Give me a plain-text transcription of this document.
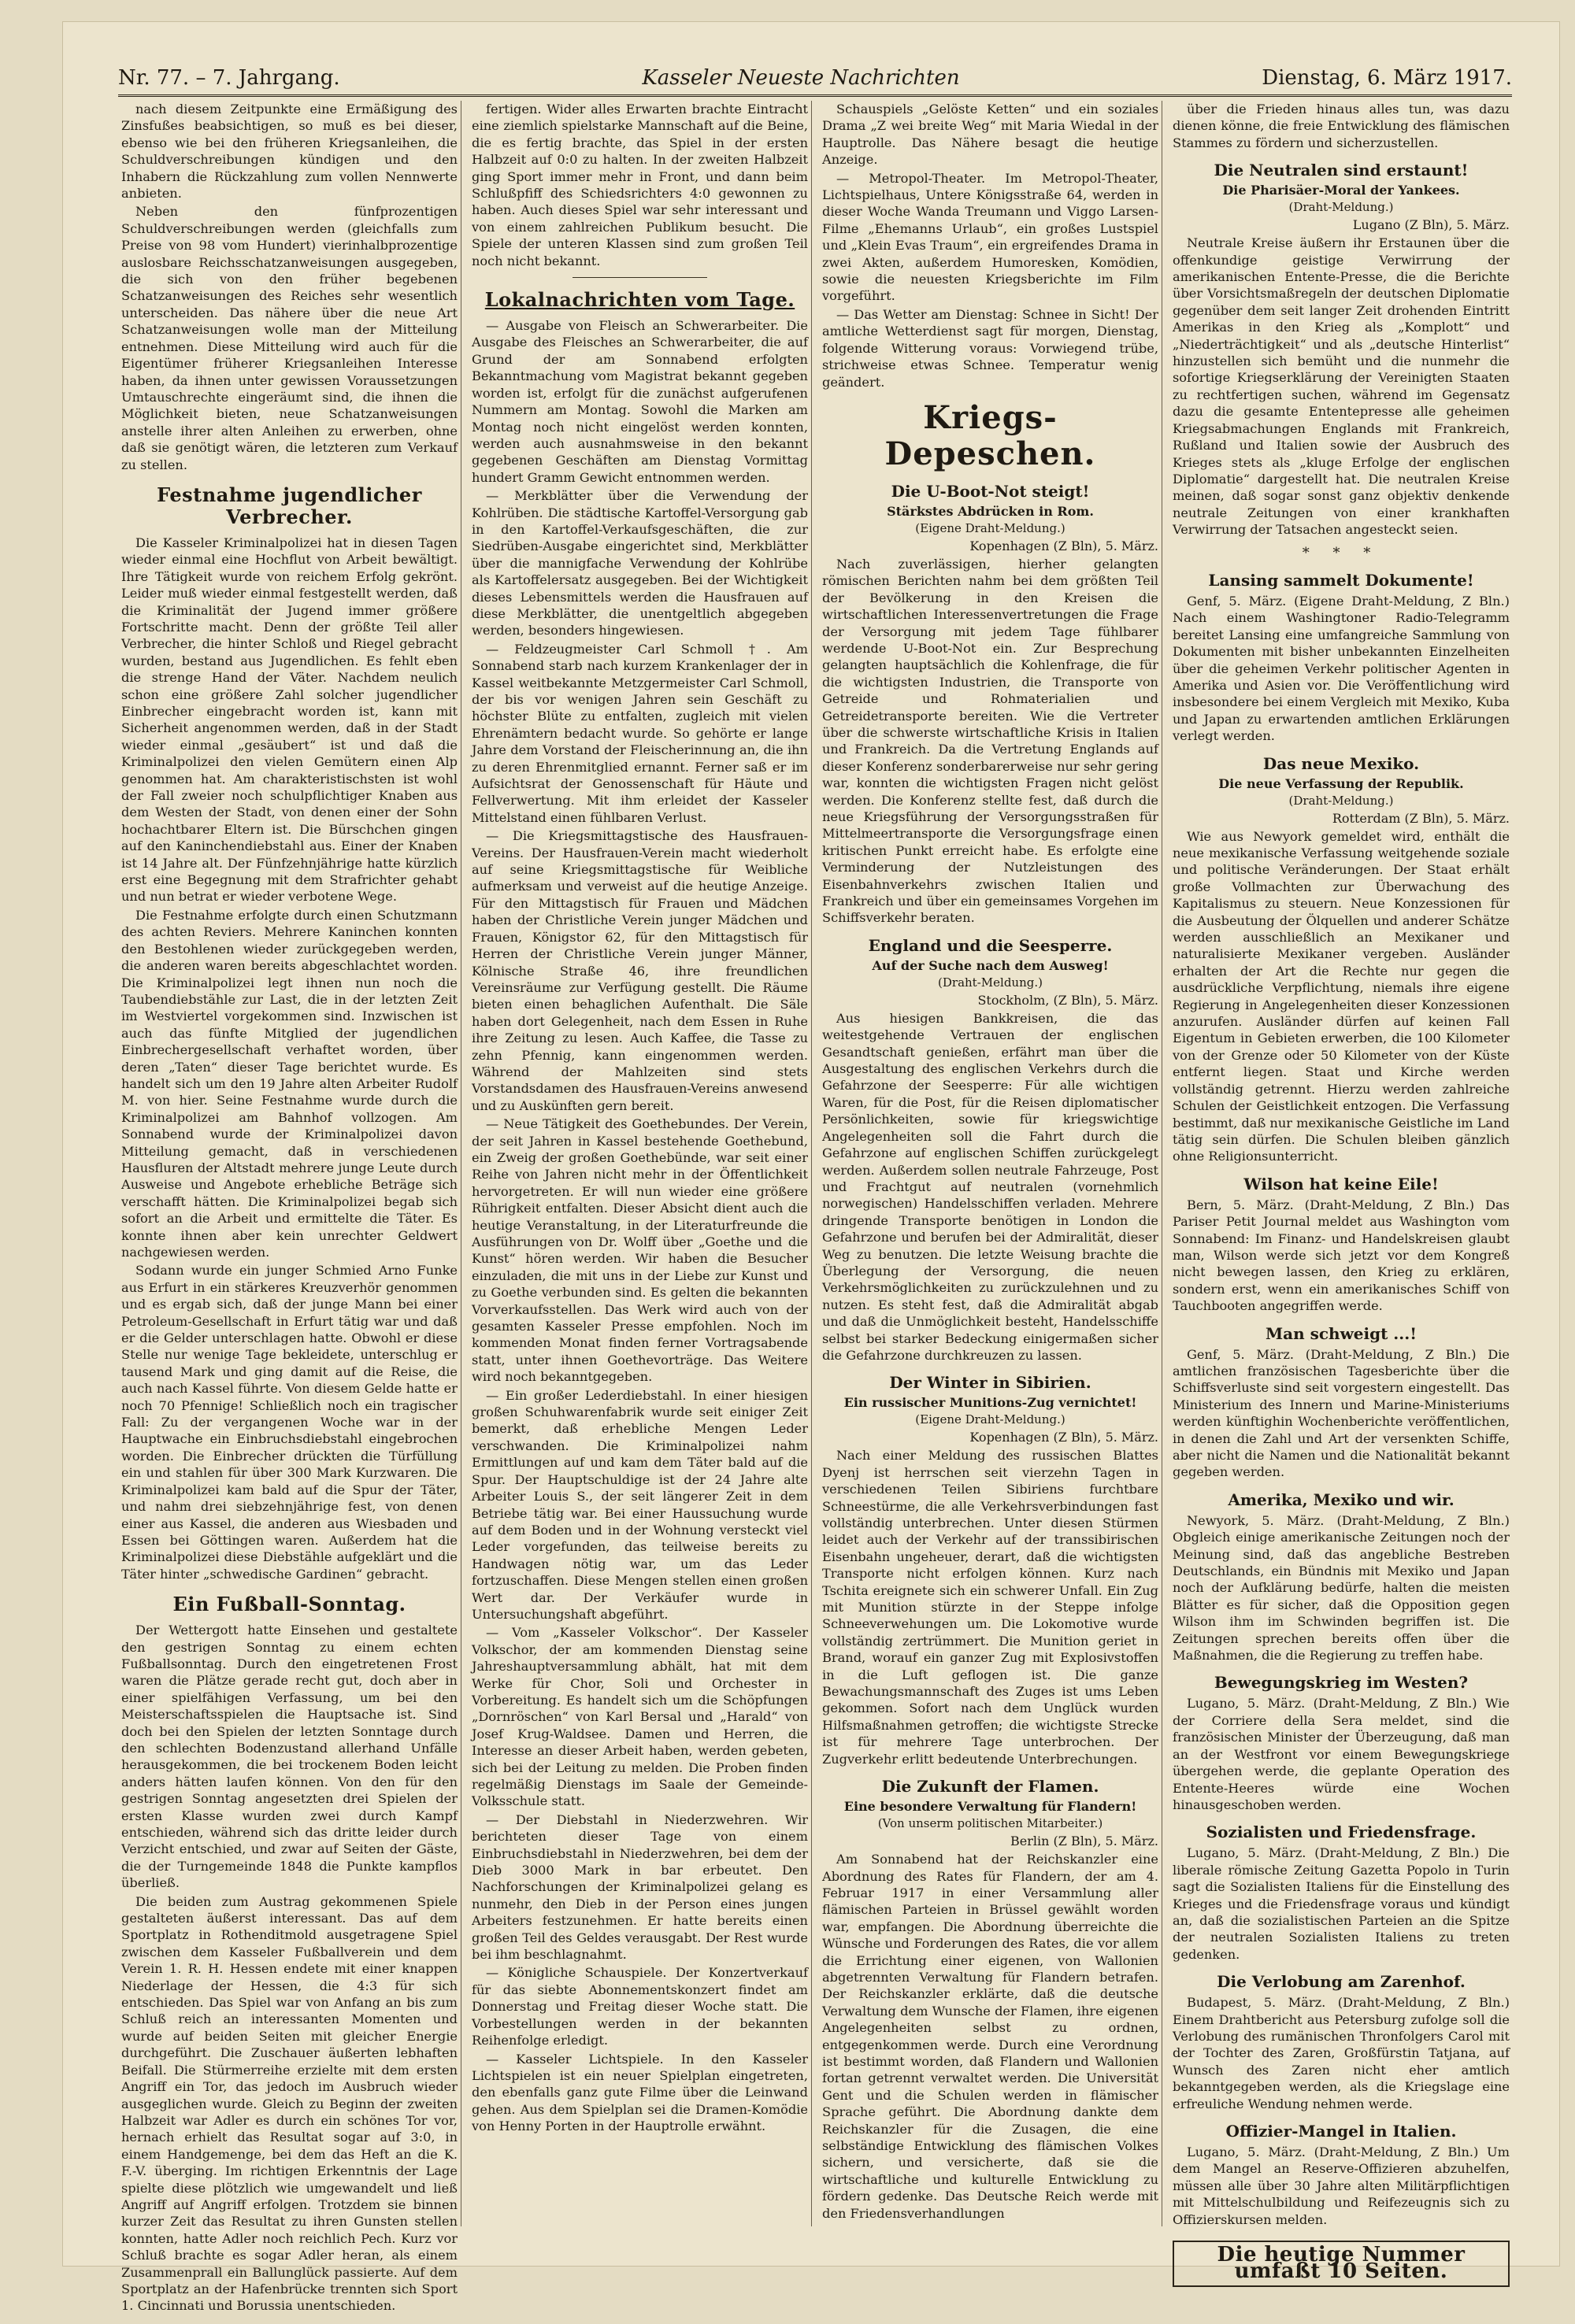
Nr. 77. – 7. Jahrgang.	Kasseler Neueste Nachrichten	Dienstag, 6. März 1917.

nach diesem Zeitpunkte eine Ermäßigung des Zinsfußes beabsichtigen, so muß es bei dieser, ebenso wie bei den früheren Kriegsanleihen, die Schuldverschreibungen kündigen und den Inhabern die Rückzahlung zum vollen Nennwerte anbieten.

Neben den fünfprozentigen Schuldverschreibungen werden (gleichfalls zum Preise von 98 vom Hundert) vierinhalbprozentige auslosbare Reichsschatzanweisungen ausgegeben, die sich von den früher begebenen Schatzanweisungen des Reiches sehr wesentlich unterscheiden. Das nähere über die neue Art Schatzanweisungen wolle man der Mitteilung entnehmen. Diese Mitteilung wird auch für die Eigentümer früherer Kriegsanleihen Interesse haben, da ihnen unter gewissen Voraussetzungen Umtauschrechte eingeräumt sind, die ihnen die Möglichkeit bieten, neue Schatzanweisungen anstelle ihrer alten Anleihen zu erwerben, ohne daß sie genötigt wären, die letzteren zum Verkauf zu stellen.

Festnahme jugendlicher Verbrecher.

Die Kasseler Kriminalpolizei hat in diesen Tagen wieder einmal eine Hochflut von Arbeit bewältigt. Ihre Tätigkeit wurde von reichem Erfolg gekrönt. Leider muß wieder einmal festgestellt werden, daß die Kriminalität der Jugend immer größere Fortschritte macht. Denn der größte Teil aller Verbrecher, die hinter Schloß und Riegel gebracht wurden, bestand aus Jugendlichen. Es fehlt eben die strenge Hand der Väter. Nachdem neulich schon eine größere Zahl solcher jugendlicher Einbrecher eingebracht worden ist, kann mit Sicherheit angenommen werden, daß in der Stadt wieder einmal „gesäubert“ ist und daß die Kriminalpolizei den vielen Gemütern einen Alp genommen hat. Am charakteristischsten ist wohl der Fall zweier noch schulpflichtiger Knaben aus dem Westen der Stadt, von denen einer der Sohn hochachtbarer Eltern ist. Die Bürschchen gingen auf den Kaninchendiebstahl aus. Einer der Knaben ist 14 Jahre alt. Der Fünfzehnjährige hatte kürzlich erst eine Begegnung mit dem Strafrichter gehabt und nun betrat er wieder verbotene Wege.

Die Festnahme erfolgte durch einen Schutzmann des achten Reviers. Mehrere Kaninchen konnten den Bestohlenen wieder zurückgegeben werden, die anderen waren bereits abgeschlachtet worden. Die Kriminalpolizei legt ihnen nun noch die Taubendiebstähle zur Last, die in der letzten Zeit im Westviertel vorgekommen sind. Inzwischen ist auch das fünfte Mitglied der jugendlichen Einbrechergesellschaft verhaftet worden, über deren „Taten“ dieser Tage berichtet wurde. Es handelt sich um den 19 Jahre alten Arbeiter Rudolf M. von hier. Seine Festnahme wurde durch die Kriminalpolizei am Bahnhof vollzogen. Am Sonnabend wurde der Kriminalpolizei davon Mitteilung gemacht, daß in verschiedenen Hausfluren der Altstadt mehrere junge Leute durch Ausweise und Angebote erhebliche Beträge sich verschafft hätten. Die Kriminalpolizei begab sich sofort an die Arbeit und ermittelte die Täter. Es konnte ihnen aber kein unrechter Geldwert nachgewiesen werden.

Sodann wurde ein junger Schmied Arno Funke aus Erfurt in ein stärkeres Kreuzverhör genommen und es ergab sich, daß der junge Mann bei einer Petroleum-Gesellschaft in Erfurt tätig war und daß er die Gelder unterschlagen hatte. Obwohl er diese Stelle nur wenige Tage bekleidete, unterschlug er tausend Mark und ging damit auf die Reise, die auch nach Kassel führte. Von diesem Gelde hatte er noch 70 Pfennige! Schließlich noch ein tragischer Fall: Zu der vergangenen Woche war in der Hauptwache ein Einbruchsdiebstahl eingebrochen worden. Die Einbrecher drückten die Türfüllung ein und stahlen für über 300 Mark Kurzwaren. Die Kriminalpolizei kam bald auf die Spur der Täter, und nahm drei siebzehnjährige fest, von denen einer aus Kassel, die anderen aus Wiesbaden und Essen bei Göttingen waren. Außerdem hat die Kriminalpolizei diese Diebstähle aufgeklärt und die Täter hinter „schwedische Gardinen“ gebracht.

Ein Fußball-Sonntag.

Der Wettergott hatte Einsehen und gestaltete den gestrigen Sonntag zu einem echten Fußballsonntag. Durch den eingetretenen Frost waren die Plätze gerade recht gut, doch aber in einer spielfähigen Verfassung, um bei den Meisterschaftsspielen die Hauptsache ist. Sind doch bei den Spielen der letzten Sonntage durch den schlechten Bodenzustand allerhand Unfälle herausgekommen, die bei trockenem Boden leicht anders hätten laufen können. Von den für den gestrigen Sonntag angesetzten drei Spielen der ersten Klasse wurden zwei durch Kampf entschieden, während sich das dritte leider durch Verzicht entschied, und zwar auf Seiten der Gäste, die der Turngemeinde 1848 die Punkte kampflos überließ.

Die beiden zum Austrag gekommenen Spiele gestalteten äußerst interessant. Das auf dem Sportplatz in Rothenditmold ausgetragene Spiel zwischen dem Kasseler Fußballverein und dem Verein 1. R. H. Hessen endete mit einer knappen Niederlage der Hessen, die 4:3 für sich entschieden. Das Spiel war von Anfang an bis zum Schluß reich an interessanten Momenten und wurde auf beiden Seiten mit gleicher Energie durchgeführt. Die Zuschauer äußerten lebhaften Beifall. Die Stürmerreihe erzielte mit dem ersten Angriff ein Tor, das jedoch im Ausbruch wieder ausgeglichen wurde. Gleich zu Beginn der zweiten Halbzeit war Adler es durch ein schönes Tor vor, hernach erhielt das Resultat sogar auf 3:0, in einem Handgemenge, bei dem das Heft an die K. F.-V. überging. Im richtigen Erkenntnis der Lage spielte diese plötzlich wie umgewandelt und ließ Angriff auf Angriff erfolgen. Trotzdem sie binnen kurzer Zeit das Resultat zu ihren Gunsten stellen konnten, hatte Adler noch reichlich Pech. Kurz vor Schluß brachte es sogar Adler heran, als einem Zusammenprall ein Ballunglück passierte. Auf dem Sportplatz an der Hafenbrücke trennten sich Sport 1. Cincinnati und Borussia unentschieden.

fertigen. Wider alles Erwarten brachte Eintracht eine ziemlich spielstarke Mannschaft auf die Beine, die es fertig brachte, das Spiel in der ersten Halbzeit auf 0:0 zu halten. In der zweiten Halbzeit ging Sport immer mehr in Front, und dann beim Schlußpfiff des Schiedsrichters 4:0 gewonnen zu haben. Auch dieses Spiel war sehr interessant und von einem zahlreichen Publikum besucht. Die Spiele der unteren Klassen sind zum großen Teil noch nicht bekannt.

Lokalnachrichten vom Tage.

— Ausgabe von Fleisch an Schwerarbeiter. Die Ausgabe des Fleisches an Schwerarbeiter, die auf Grund der am Sonnabend erfolgten Bekanntmachung vom Magistrat bekannt gegeben worden ist, erfolgt für die zunächst aufgerufenen Nummern am Montag. Sowohl die Marken am Montag noch nicht eingelöst werden konnten, werden auch ausnahmsweise in den bekannt gegebenen Geschäften am Dienstag Vormittag hundert Gramm Gewicht entnommen werden.

— Merkblätter über die Verwendung der Kohlrüben. Die städtische Kartoffel-Versorgung gab in den Kartoffel-Verkaufsgeschäften, die zur Siedrüben-Ausgabe eingerichtet sind, Merkblätter über die mannigfache Verwendung der Kohlrübe als Kartoffelersatz ausgegeben. Bei der Wichtigkeit dieses Lebensmittels werden die Hausfrauen auf diese Merkblätter, die unentgeltlich abgegeben werden, besonders hingewiesen.

— Feldzeugmeister Carl Schmoll †. Am Sonnabend starb nach kurzem Krankenlager der in Kassel weitbekannte Metzgermeister Carl Schmoll, der bis vor wenigen Jahren sein Geschäft zu höchster Blüte zu entfalten, zugleich mit vielen Ehrenämtern bedacht wurde. So gehörte er lange Jahre dem Vorstand der Fleischerinnung an, die ihn zu deren Ehrenmitglied ernannt. Ferner saß er im Aufsichtsrat der Genossenschaft für Häute und Fellverwertung. Mit ihm erleidet der Kasseler Mittelstand einen fühlbaren Verlust.

— Die Kriegsmittagstische des Hausfrauen-Vereins. Der Hausfrauen-Verein macht wiederholt auf seine Kriegsmittagstische für Weibliche aufmerksam und verweist auf die heutige Anzeige. Für den Mittagstisch für Frauen und Mädchen haben der Christliche Verein junger Mädchen und Frauen, Königstor 62, für den Mittagstisch für Herren der Christliche Verein junger Männer, Kölnische Straße 46, ihre freundlichen Vereinsräume zur Verfügung gestellt. Die Räume bieten einen behaglichen Aufenthalt. Die Säle haben dort Gelegenheit, nach dem Essen in Ruhe ihre Zeitung zu lesen. Auch Kaffee, die Tasse zu zehn Pfennig, kann eingenommen werden. Während der Mahlzeiten sind stets Vorstandsdamen des Hausfrauen-Vereins anwesend und zu Auskünften gern bereit.

— Neue Tätigkeit des Goethebundes. Der Verein, der seit Jahren in Kassel bestehende Goethebund, ein Zweig der großen Goethebünde, war seit einer Reihe von Jahren nicht mehr in der Öffentlichkeit hervorgetreten. Er will nun wieder eine größere Rührigkeit entfalten. Dieser Absicht dient auch die heutige Veranstaltung, in der Literaturfreunde die Ausführungen von Dr. Wolff über „Goethe und die Kunst“ hören werden. Wir haben die Besucher einzuladen, die mit uns in der Liebe zur Kunst und zu Goethe verbunden sind. Es gelten die bekannten Vorverkaufsstellen. Das Werk wird auch von der gesamten Kasseler Presse empfohlen. Noch im kommenden Monat finden ferner Vortragsabende statt, unter ihnen Goethevorträge. Das Weitere wird noch bekanntgegeben.

— Ein großer Lederdiebstahl. In einer hiesigen großen Schuhwarenfabrik wurde seit einiger Zeit bemerkt, daß erhebliche Mengen Leder verschwanden. Die Kriminalpolizei nahm Ermittlungen auf und kam dem Täter bald auf die Spur. Der Hauptschuldige ist der 24 Jahre alte Arbeiter Louis S., der seit längerer Zeit in dem Betriebe tätig war. Bei einer Haussuchung wurde auf dem Boden und in der Wohnung versteckt viel Leder vorgefunden, das teilweise bereits zu Handwagen nötig war, um das Leder fortzuschaffen. Diese Mengen stellen einen großen Wert dar. Der Verkäufer wurde in Untersuchungshaft abgeführt.

— Vom „Kasseler Volkschor“. Der Kasseler Volkschor, der am kommenden Dienstag seine Jahreshauptversammlung abhält, hat mit dem Werke für Chor, Soli und Orchester in Vorbereitung. Es handelt sich um die Schöpfungen „Dornröschen“ von Karl Bersal und „Harald“ von Josef Krug-Waldsee. Damen und Herren, die Interesse an dieser Arbeit haben, werden gebeten, sich bei der Leitung zu melden. Die Proben finden regelmäßig Dienstags im Saale der Gemeinde-Volksschule statt.

— Der Diebstahl in Niederzwehren. Wir berichteten dieser Tage von einem Einbruchsdiebstahl in Niederzwehren, bei dem der Dieb 3000 Mark in bar erbeutet. Den Nachforschungen der Kriminalpolizei gelang es nunmehr, den Dieb in der Person eines jungen Arbeiters festzunehmen. Er hatte bereits einen großen Teil des Geldes verausgabt. Der Rest wurde bei ihm beschlagnahmt.

— Königliche Schauspiele. Der Konzertverkauf für das siebte Abonnementskonzert findet am Donnerstag und Freitag dieser Woche statt. Die Vorbestellungen werden in der bekannten Reihenfolge erledigt.

— Kasseler Lichtspiele. In den Kasseler Lichtspielen ist ein neuer Spielplan eingetreten, den ebenfalls ganz gute Filme über die Leinwand gehen. Aus dem Spielplan sei die Dramen-Komödie von Henny Porten in der Hauptrolle erwähnt.

Schauspiels „Gelöste Ketten“ und ein soziales Drama „Z wei breite Weg“ mit Maria Wiedal in der Hauptrolle. Das Nähere besagt die heutige Anzeige.

— Metropol-Theater. Im Metropol-Theater, Lichtspielhaus, Untere Königsstraße 64, werden in dieser Woche Wanda Treumann und Viggo Larsen-Filme „Ehemanns Urlaub“, ein großes Lustspiel und „Klein Evas Traum“, ein ergreifendes Drama in zwei Akten, außerdem Humoresken, Komödien, sowie die neuesten Kriegsberichte im Film vorgeführt.

— Das Wetter am Dienstag: Schnee in Sicht! Der amtliche Wetterdienst sagt für morgen, Dienstag, folgende Witterung voraus: Vorwiegend trübe, strichweise etwas Schnee. Temperatur wenig geändert.

Kriegs-Depeschen.
Die U-Boot-Not steigt!
Stärkstes Abdrücken in Rom.
(Eigene Draht-Meldung.)
Kopenhagen (Z Bln), 5. März.

Nach zuverlässigen, hierher gelangten römischen Berichten nahm bei dem größten Teil der Bevölkerung in den Kreisen die wirtschaftlichen Interessenvertretungen die Frage der Versorgung mit jedem Tage fühlbarer werdende U-Boot-Not ein. Zur Besprechung gelangten hauptsächlich die Kohlenfrage, die für die wichtigsten Industrien, die Transporte von Getreide und Rohmaterialien und Getreidetransporte bereiten. Wie die Vertreter über die schwerste wirtschaftliche Krisis in Italien und Frankreich. Da die Vertretung Englands auf dieser Konferenz sonderbarerweise nur sehr gering war, konnten die wichtigsten Fragen nicht gelöst werden. Die Konferenz stellte fest, daß durch die neue Kriegsführung der Versorgungsstraßen für Mittelmeertransporte die Versorgungsfrage einen kritischen Punkt erreicht habe. Es erfolgte eine Verminderung der Nutzleistungen des Eisenbahnverkehrs zwischen Italien und Frankreich und über ein gemeinsames Vorgehen im Schiffsverkehr beraten.

England und die Seesperre.
Auf der Suche nach dem Ausweg!
(Draht-Meldung.)
Stockholm, (Z Bln), 5. März.

Aus hiesigen Bankkreisen, die das weitestgehende Vertrauen der englischen Gesandtschaft genießen, erfährt man über die Ausgestaltung des englischen Verkehrs durch die Gefahrzone der Seesperre: Für alle wichtigen Waren, für die Post, für die Reisen diplomatischer Persönlichkeiten, sowie für kriegswichtige Angelegenheiten soll die Fahrt durch die Gefahrzone auf englischen Schiffen zurückgelegt werden. Außerdem sollen neutrale Fahrzeuge, Post und Frachtgut auf neutralen (vornehmlich norwegischen) Handelsschiffen verladen. Mehrere dringende Transporte benötigen in London die Gefahrzone und berufen bei der Admiralität, dieser Weg zu benutzen. Die letzte Weisung brachte die Überlegung der Versorgung, die neuen Verkehrsmöglichkeiten zu zurückzulehnen und zu nutzen. Es steht fest, daß die Admiralität abgab und daß die Unmöglichkeit besteht, Handelsschiffe selbst bei starker Bedeckung einigermaßen sicher die Gefahrzone durchkreuzen zu lassen.

Der Winter in Sibirien.
Ein russischer Munitions-Zug vernichtet!
(Eigene Draht-Meldung.)
Kopenhagen (Z Bln), 5. März.

Nach einer Meldung des russischen Blattes Dyenj ist herrschen seit vierzehn Tagen in verschiedenen Teilen Sibiriens furchtbare Schneestürme, die alle Verkehrsverbindungen fast vollständig unterbrechen. Unter diesen Stürmen leidet auch der Verkehr auf der transsibirischen Eisenbahn ungeheuer, derart, daß die wichtigsten Transporte nicht erfolgen können. Kurz nach Tschita ereignete sich ein schwerer Unfall. Ein Zug mit Munition stürzte in der Steppe infolge Schneeverwehungen um. Die Lokomotive wurde vollständig zertrümmert. Die Munition geriet in Brand, worauf ein ganzer Zug mit Explosivstoffen in die Luft geflogen ist. Die ganze Bewachungsmannschaft des Zuges ist ums Leben gekommen. Sofort nach dem Unglück wurden Hilfsmaßnahmen getroffen; die wichtigste Strecke ist für mehrere Tage unterbrochen. Der Zugverkehr erlitt bedeutende Unterbrechungen.

Die Zukunft der Flamen.
Eine besondere Verwaltung für Flandern!
(Von unserm politischen Mitarbeiter.)
Berlin (Z Bln), 5. März.

Am Sonnabend hat der Reichskanzler eine Abordnung des Rates für Flandern, der am 4. Februar 1917 in einer Versammlung aller flämischen Parteien in Brüssel gewählt worden war, empfangen. Die Abordnung überreichte die Wünsche und Forderungen des Rates, die vor allem die Errichtung einer eigenen, von Wallonien abgetrennten Verwaltung für Flandern betrafen. Der Reichskanzler erklärte, daß die deutsche Verwaltung dem Wunsche der Flamen, ihre eigenen Angelegenheiten selbst zu ordnen, entgegenkommen werde. Durch eine Verordnung ist bestimmt worden, daß Flandern und Wallonien fortan getrennt verwaltet werden. Die Universität Gent und die Schulen werden in flämischer Sprache geführt. Die Abordnung dankte dem Reichskanzler für die Zusagen, die eine selbständige Entwicklung des flämischen Volkes sichern, und versicherte, daß sie die wirtschaftliche und kulturelle Entwicklung zu fördern gedenke. Das Deutsche Reich werde mit den Friedensverhandlungen

über die Frieden hinaus alles tun, was dazu dienen könne, die freie Entwicklung des flämischen Stammes zu fördern und sicherzustellen.

Die Neutralen sind erstaunt!
Die Pharisäer-Moral der Yankees.
(Draht-Meldung.)
Lugano (Z Bln), 5. März.

Neutrale Kreise äußern ihr Erstaunen über die offenkundige geistige Verwirrung der amerikanischen Entente-Presse, die die Berichte über Vorsichtsmaßregeln der deutschen Diplomatie gegenüber dem seit langer Zeit drohenden Eintritt Amerikas in den Krieg als „Komplott“ und „Niederträchtigkeit“ und als „deutsche Hinterlist“ hinzustellen sich bemüht und die nunmehr die sofortige Kriegserklärung der Vereinigten Staaten zu rechtfertigen suchen, während im Gegensatz dazu die gesamte Ententepresse alle geheimen Kriegsabmachungen Englands mit Frankreich, Rußland und Italien sowie der Ausbruch des Krieges stets als „kluge Erfolge der englischen Diplomatie“ dargestellt hat. Die neutralen Kreise meinen, daß sogar sonst ganz objektiv denkende neutrale Zeitungen von einer krankhaften Verwirrung der Tatsachen angesteckt seien.

* * *
Lansing sammelt Dokumente!

Genf, 5. März. (Eigene Draht-Meldung, Z Bln.) Nach einem Washingtoner Radio-Telegramm bereitet Lansing eine umfangreiche Sammlung von Dokumenten mit bisher unbekannten Einzelheiten über die geheimen Verkehr politischer Agenten in Amerika und Asien vor. Die Veröffentlichung wird insbesondere bei einem Vergleich mit Mexiko, Kuba und Japan zu erwartenden amtlichen Erklärungen verlegt werden.

Das neue Mexiko.
Die neue Verfassung der Republik.
(Draht-Meldung.)
Rotterdam (Z Bln), 5. März.

Wie aus Newyork gemeldet wird, enthält die neue mexikanische Verfassung weitgehende soziale und politische Veränderungen. Der Staat erhält große Vollmachten zur Überwachung des Kapitalismus zu steuern. Neue Konzessionen für die Ausbeutung der Ölquellen und anderer Schätze werden ausschließlich an Mexikaner und naturalisierte Mexikaner vergeben. Ausländer erhalten der Art die Rechte nur gegen die ausdrückliche Verpflichtung, niemals ihre eigene Regierung in Angelegenheiten dieser Konzessionen anzurufen. Ausländer dürfen auf keinen Fall Eigentum in Gebieten erwerben, die 100 Kilometer von der Grenze oder 50 Kilometer von der Küste entfernt liegen. Staat und Kirche werden vollständig getrennt. Hierzu werden zahlreiche Schulen der Geistlichkeit entzogen. Die Verfassung bestimmt, daß nur mexikanische Geistliche im Land tätig sein dürfen. Die Schulen bleiben gänzlich ohne Religionsunterricht.

Wilson hat keine Eile!

Bern, 5. März. (Draht-Meldung, Z Bln.) Das Pariser Petit Journal meldet aus Washington vom Sonnabend: Im Finanz- und Handelskreisen glaubt man, Wilson werde sich jetzt vor dem Kongreß nicht bewegen lassen, den Krieg zu erklären, sondern erst, wenn ein amerikanisches Schiff von Tauchbooten angegriffen werde.

Man schweigt ...!

Genf, 5. März. (Draht-Meldung, Z Bln.) Die amtlichen französischen Tagesberichte über die Schiffsverluste sind seit vorgestern eingestellt. Das Ministerium des Innern und Marine-Ministeriums werden künftighin Wochenberichte veröffentlichen, in denen die Zahl und Art der versenkten Schiffe, aber nicht die Namen und die Nationalität bekannt gegeben werden.

Amerika, Mexiko und wir.

Newyork, 5. März. (Draht-Meldung, Z Bln.) Obgleich einige amerikanische Zeitungen noch der Meinung sind, daß das angebliche Bestreben Deutschlands, ein Bündnis mit Mexiko und Japan noch der Aufklärung bedürfe, halten die meisten Blätter es für sicher, daß die Opposition gegen Wilson ihm im Schwinden begriffen ist. Die Zeitungen sprechen bereits offen über die Maßnahmen, die die Regierung zu treffen habe.

Bewegungskrieg im Westen?

Lugano, 5. März. (Draht-Meldung, Z Bln.) Wie der Corriere della Sera meldet, sind die französischen Minister der Überzeugung, daß man an der Westfront vor einem Bewegungskriege übergehen werde, die geplante Operation des Entente-Heeres würde eine Wochen hinausgeschoben werden.

Sozialisten und Friedensfrage.

Lugano, 5. März. (Draht-Meldung, Z Bln.) Die liberale römische Zeitung Gazetta Popolo in Turin sagt die Sozialisten Italiens für die Einstellung des Krieges und die Friedensfrage voraus und kündigt an, daß die sozialistischen Parteien an die Spitze der neutralen Sozialisten Italiens zu treten gedenken.

Die Verlobung am Zarenhof.

Budapest, 5. März. (Draht-Meldung, Z Bln.) Einem Drahtbericht aus Petersburg zufolge soll die Verlobung des rumänischen Thronfolgers Carol mit der Tochter des Zaren, Großfürstin Tatjana, auf Wunsch des Zaren nicht eher amtlich bekanntgegeben werden, als die Kriegslage eine erfreuliche Wendung nehmen werde.

Offizier-Mangel in Italien.

Lugano, 5. März. (Draht-Meldung, Z Bln.) Um dem Mangel an Reserve-Offizieren abzuhelfen, müssen alle über 30 Jahre alten Militärpflichtigen mit Mittelschulbildung und Reifezeugnis sich zu Offizierskursen melden.

Die heutige Nummer umfaßt 10 Seiten.
